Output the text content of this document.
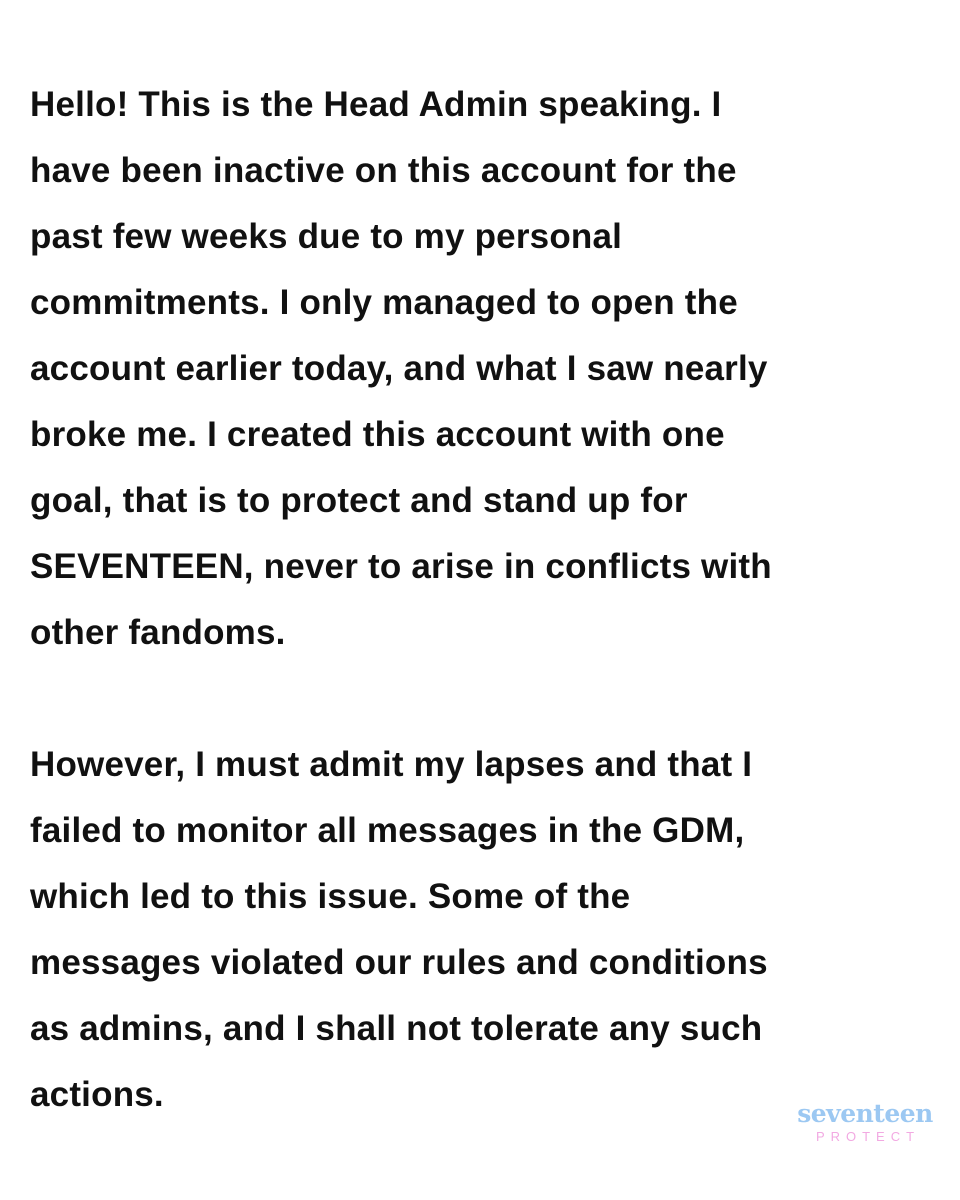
Hello! This is the Head Admin speaking. I
have been inactive on this account for the
past few weeks due to my personal
commitments. I only managed to open the
account earlier today, and what I saw nearly
broke me. I created this account with one
goal, that is to protect and stand up for
SEVENTEEN, never to arise in conflicts with
other fandoms.
However, I must admit my lapses and that I
failed to monitor all messages in the GDM,
which led to this issue. Some of the
messages violated our rules and conditions
as admins, and I shall not tolerate any such
actions.	seventeen
PROTECT
